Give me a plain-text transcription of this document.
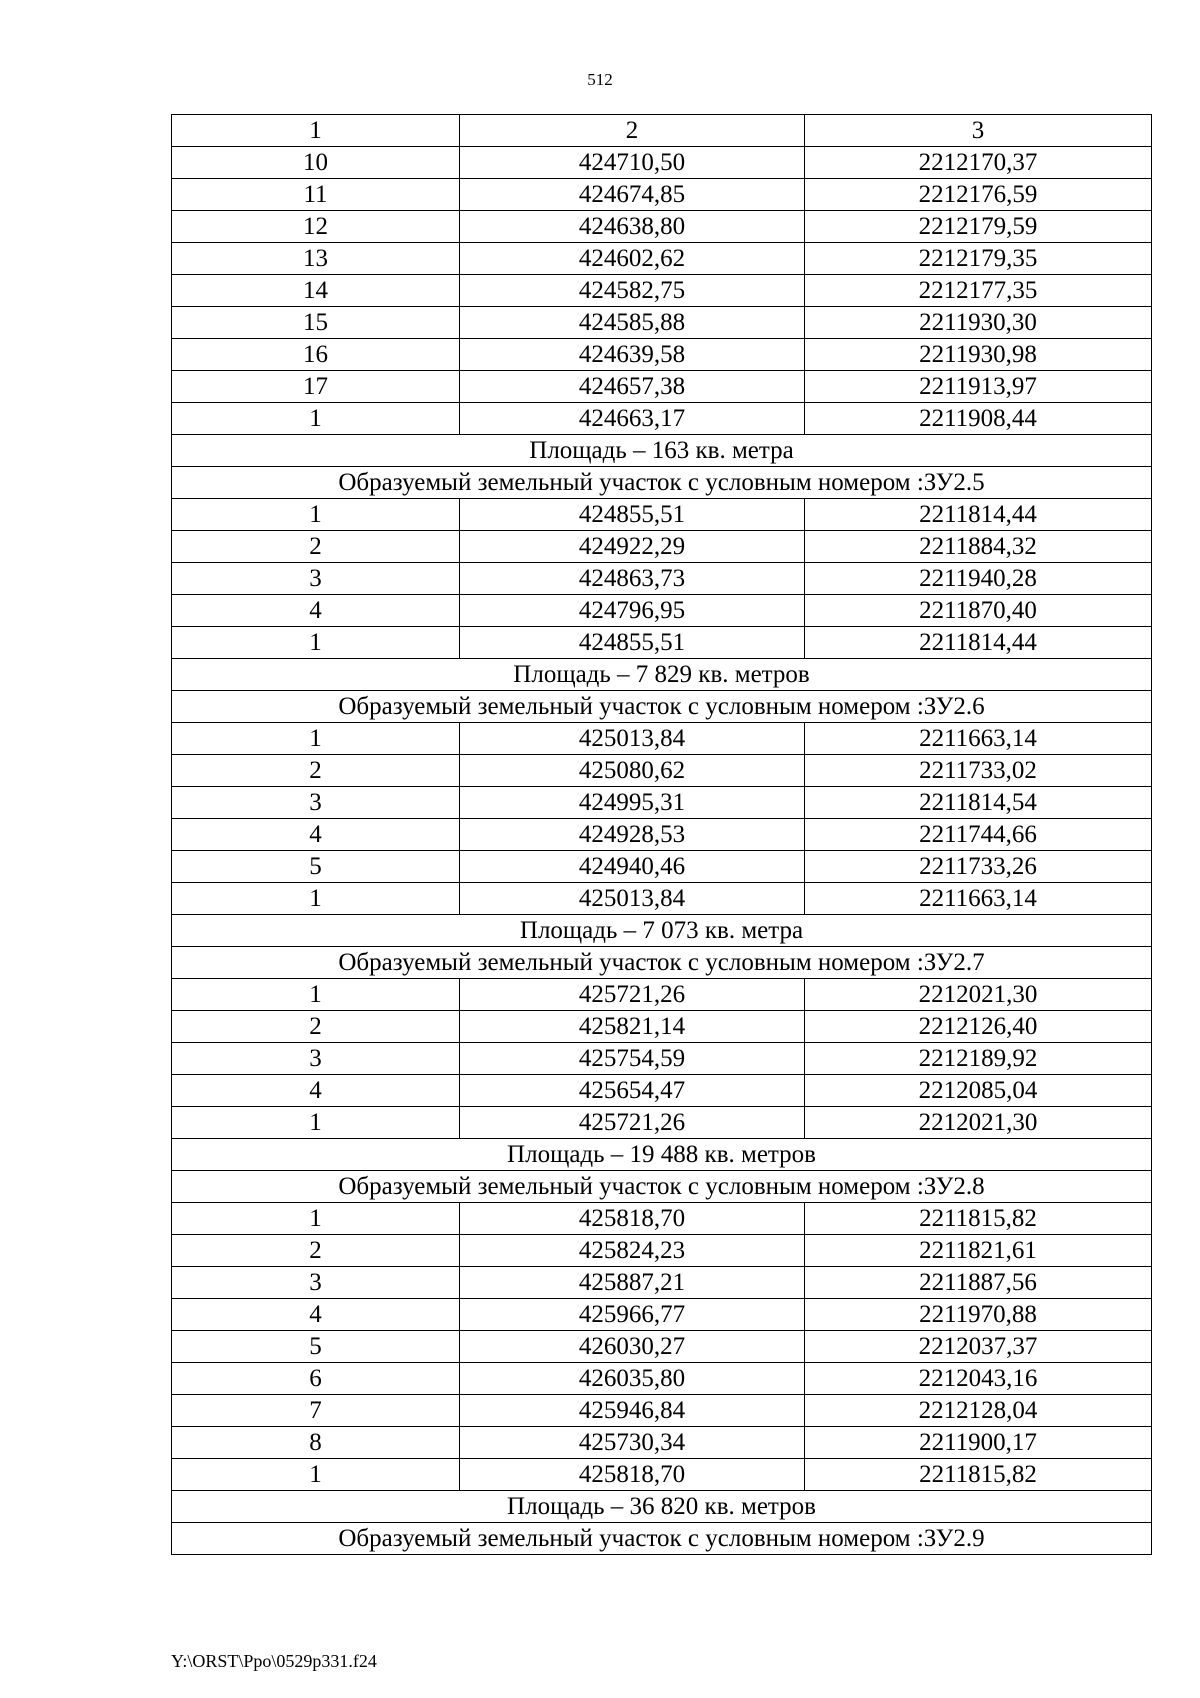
512
1	2	3
10	424710,50	2212170,37
11	424674,85	2212176,59
12	424638,80	2212179,59
13	424602,62	2212179,35
14	424582,75	2212177,35
15	424585,88	2211930,30
16	424639,58	2211930,98
17	424657,38	2211913,97
1	424663,17	2211908,44
Площадь – 163 кв. метра		
Образуемый земельный участок с условным номером :ЗУ2.5		
1	424855,51	2211814,44
2	424922,29	2211884,32
3	424863,73	2211940,28
4	424796,95	2211870,40
1	424855,51	2211814,44
Площадь – 7 829 кв. метров		
Образуемый земельный участок с условным номером :ЗУ2.6		
1	425013,84	2211663,14
2	425080,62	2211733,02
3	424995,31	2211814,54
4	424928,53	2211744,66
5	424940,46	2211733,26
1	425013,84	2211663,14
Площадь – 7 073 кв. метра		
Образуемый земельный участок с условным номером :ЗУ2.7		
1	425721,26	2212021,30
2	425821,14	2212126,40
3	425754,59	2212189,92
4	425654,47	2212085,04
1	425721,26	2212021,30
Площадь – 19 488 кв. метров		
Образуемый земельный участок с условным номером :ЗУ2.8		
1	425818,70	2211815,82
2	425824,23	2211821,61
3	425887,21	2211887,56
4	425966,77	2211970,88
5	426030,27	2212037,37
6	426035,80	2212043,16
7	425946,84	2212128,04
8	425730,34	2211900,17
1	425818,70	2211815,82
Площадь – 36 820 кв. метров		
Образуемый земельный участок с условным номером :ЗУ2.9		
Y:\ORST\Ppo\0529p331.f24
